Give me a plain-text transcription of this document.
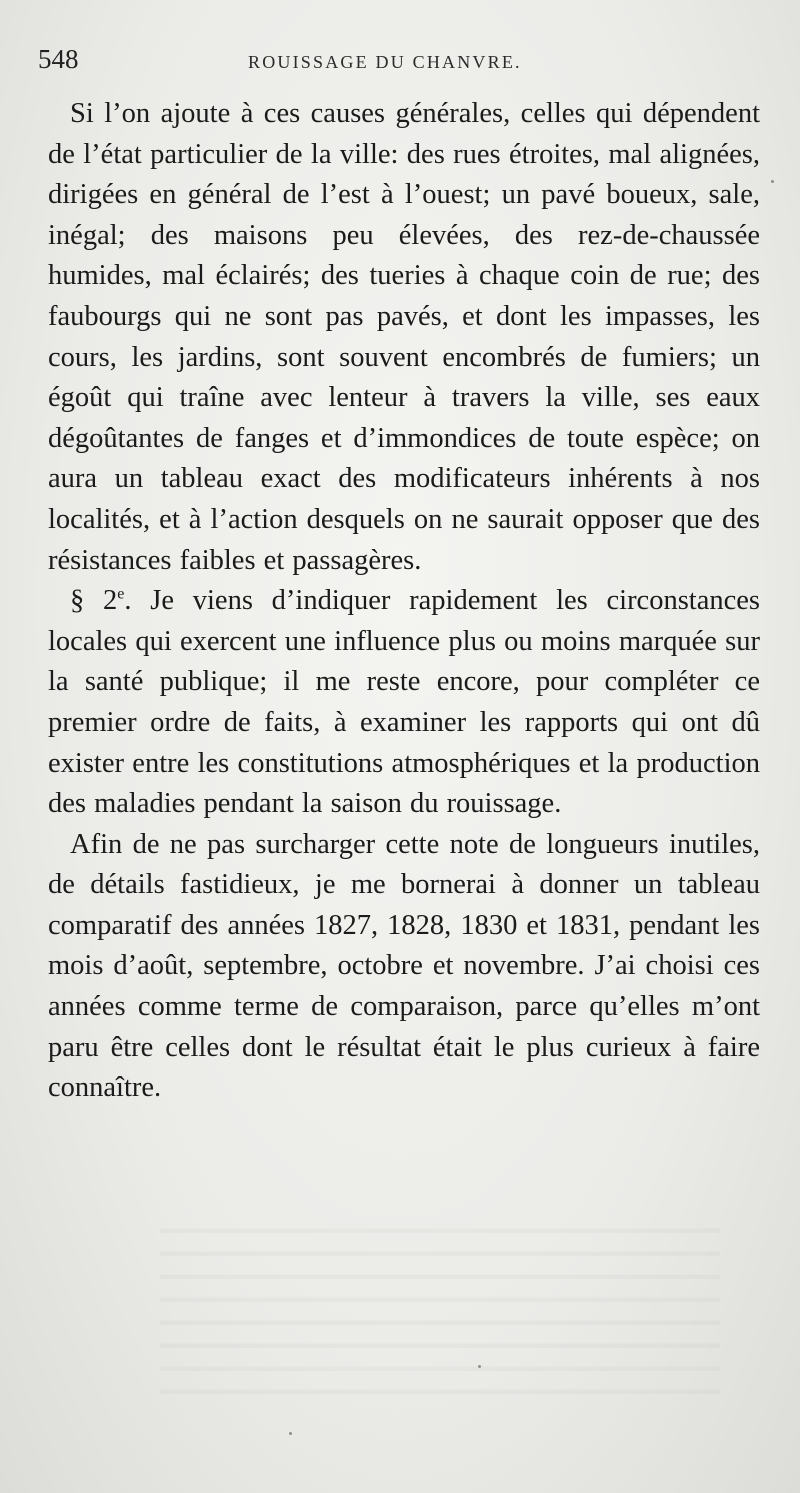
548	ROUISSAGE DU CHANVRE.

Si l’on ajoute à ces causes générales, celles qui dépendent de l’état particulier de la ville: des rues étroites, mal alignées, dirigées en général de l’est à l’ouest; un pavé boueux, sale, inégal; des maisons peu élevées, des rez-de-chaussée humides, mal éclairés; des tueries à chaque coin de rue; des faubourgs qui ne sont pas pavés, et dont les impasses, les cours, les jardins, sont souvent encombrés de fumiers; un égoût qui traîne avec lenteur à travers la ville, ses eaux dégoûtantes de fanges et d’immondices de toute espèce; on aura un tableau exact des modificateurs inhérents à nos localités, et à l’action desquels on ne saurait opposer que des résistances faibles et passagères.

§ 2e. Je viens d’indiquer rapidement les circonstances locales qui exercent une influence plus ou moins marquée sur la santé publique; il me reste encore, pour compléter ce premier ordre de faits, à examiner les rapports qui ont dû exister entre les constitutions atmosphériques et la production des maladies pendant la saison du rouissage.

Afin de ne pas surcharger cette note de longueurs inutiles, de détails fastidieux, je me bornerai à donner un tableau comparatif des années 1827, 1828, 1830 et 1831, pendant les mois d’août, septembre, octobre et novembre. J’ai choisi ces années comme terme de comparaison, parce qu’elles m’ont paru être celles dont le résultat était le plus curieux à faire connaître.
